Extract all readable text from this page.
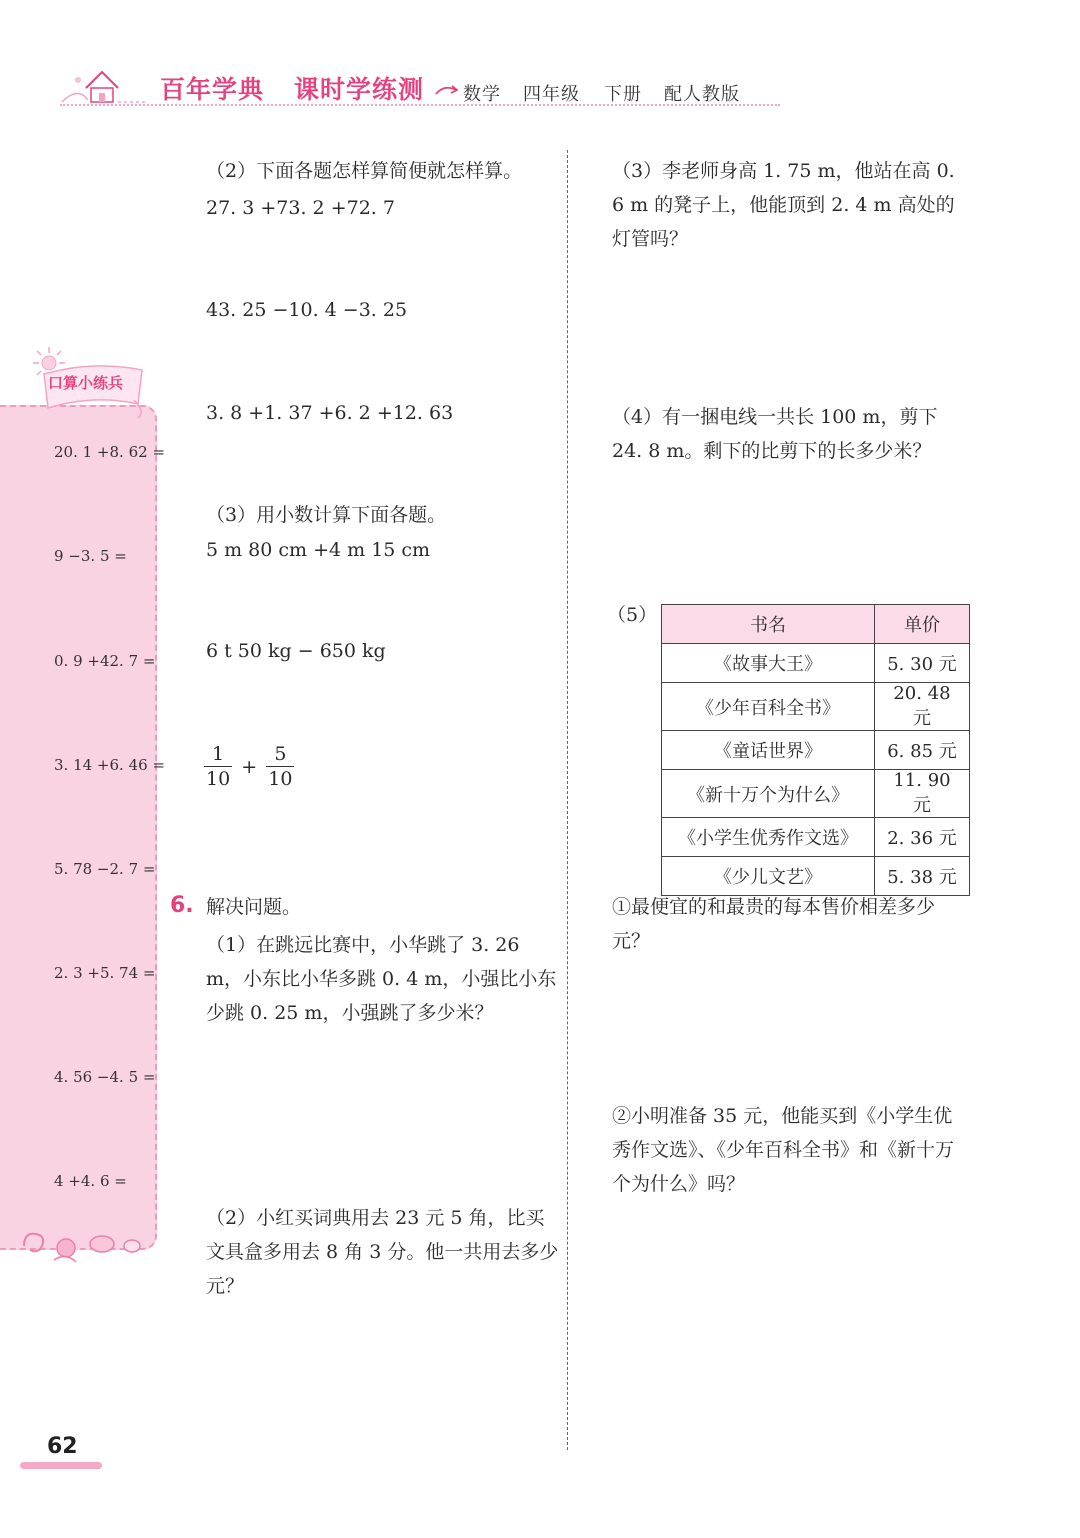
百年学典 课时学练测 数学 四年级 下册 配人教版
口算小练兵
20. 1 +8. 62 =
9 −3. 5 =
0. 9 +42. 7 =
3. 14 +6. 46 =
5. 78 −2. 7 =
2. 3 +5. 74 =
4. 56 −4. 5 =
4 +4. 6 =
（2）下面各题怎样算简便就怎样算。
27. 3 +73. 2 +72. 7
43. 25 −10. 4 −3. 25
3. 8 +1. 37 +6. 2 +12. 63
（3）用小数计算下面各题。
5 m 80 cm +4 m 15 cm
6 t 50 kg − 650 kg
$\frac{1}{10} + \frac{5}{10}$
6. 解决问题。
（1）在跳远比赛中，小华跳了 3. 26 m，小东比小华多跳 0. 4 m，小强比小东少跳 0. 25 m，小强跳了多少米？
（2）小红买词典用去 23 元 5 角，比买文具盒多用去 8 角 3 分。他一共用去多少元？
（3）李老师身高 1. 75 m，他站在高 0. 6 m 的凳子上，他能顶到 2. 4 m 高处的灯管吗？
（4）有一捆电线一共长 100 m，剪下 24. 8 m。剩下的比剪下的长多少米？
（5）	书名	单价
《故事大王》	5. 30 元
《少年百科全书》	20. 48 元
《童话世界》	6. 85 元
《新十万个为什么》	11. 90 元
《小学生优秀作文选》	2. 36 元
《少儿文艺》	5. 38 元
①最便宜的和最贵的每本售价相差多少元？
②小明准备 35 元，他能买到《小学生优秀作文选》、《少年百科全书》和《新十万个为什么》吗？
62
